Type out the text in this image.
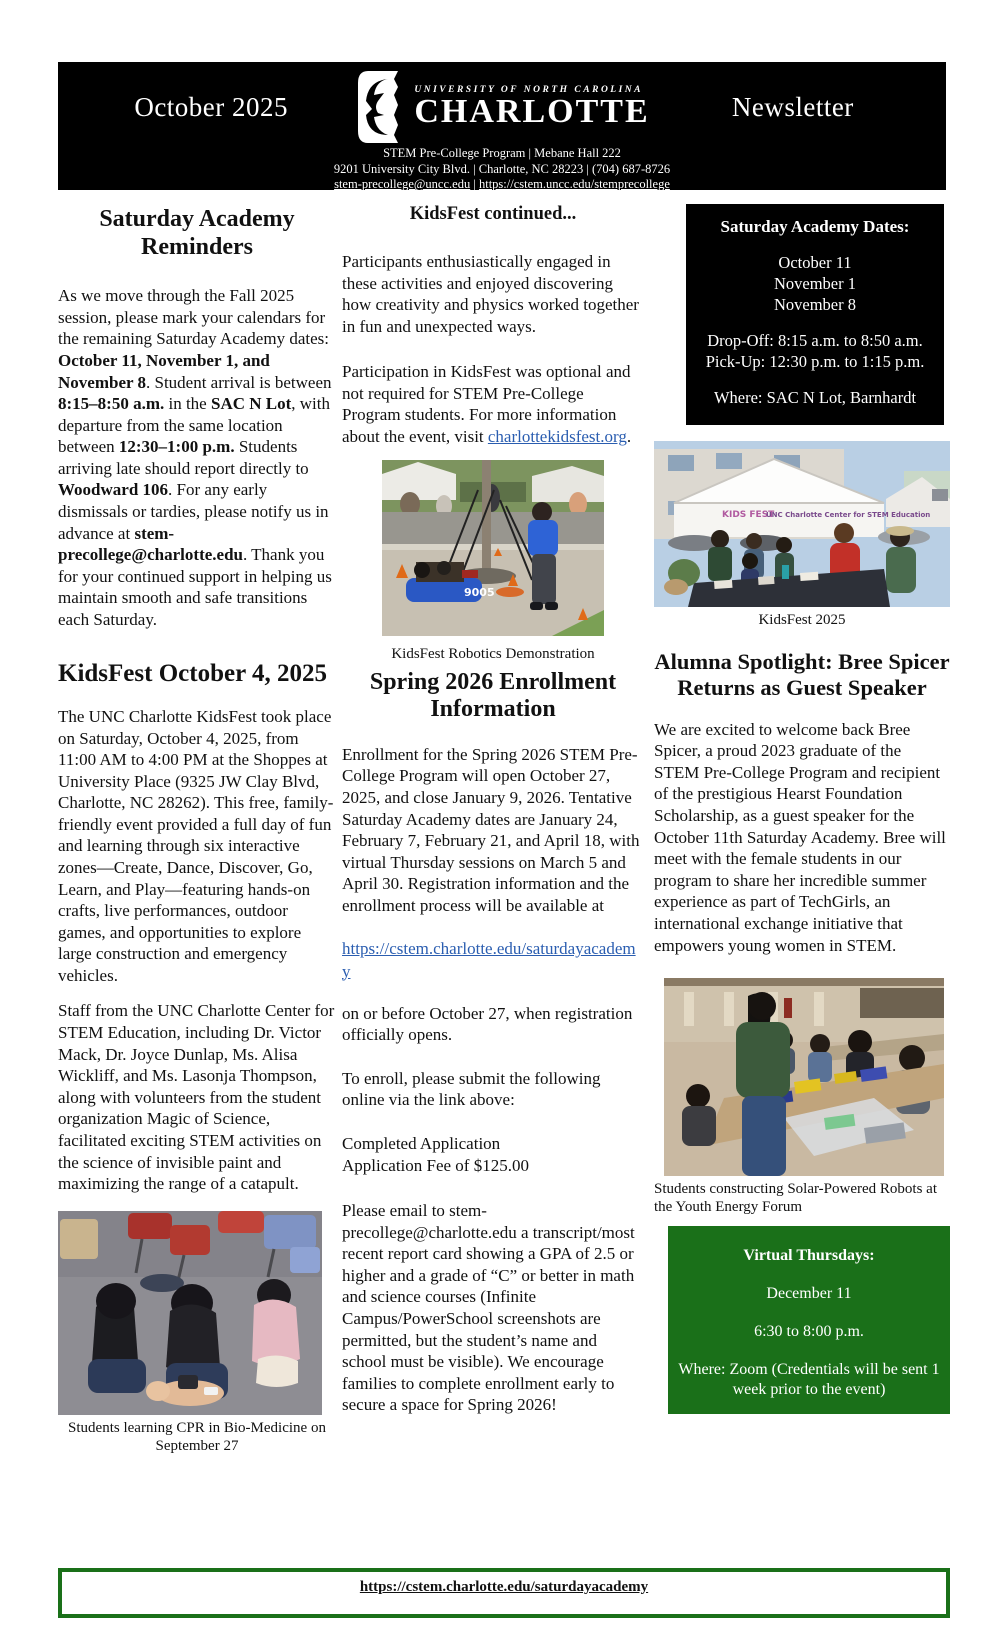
October 2025
UNIVERSITY OF NORTH CAROLINA
CHARLOTTE	Newsletter
STEM Pre-College Program | Mebane Hall 222
9201 University City Blvd. | Charlotte, NC 28223 | (704) 687-8726
stem-precollege@uncc.edu | https://cstem.uncc.edu/stemprecollege
Saturday Academy Reminders

As we move through the Fall 2025 session, please mark your calendars for the remaining Saturday Academy dates: October 11, November 1, and November 8. Student arrival is between 8:15–8:50 a.m. in the SAC N Lot, with departure from the same location between 12:30–1:00 p.m. Students arriving late should report directly to Woodward 106. For any early dismissals or tardies, please notify us in advance at stem-precollege@charlotte.edu. Thank you for your continued support in helping us maintain smooth and safe transitions each Saturday.

KidsFest October 4, 2025

The UNC Charlotte KidsFest took place on Saturday, October 4, 2025, from 11:00 AM to 4:00 PM at the Shoppes at University Place (9325 JW Clay Blvd, Charlotte, NC 28262). This free, family-friendly event provided a full day of fun and learning through six interactive zones—Create, Dance, Discover, Go, Learn, and Play—featuring hands-on crafts, live performances, outdoor games, and opportunities to explore large construction and emergency vehicles.

Staff from the UNC Charlotte Center for STEM Education, including Dr. Victor Mack, Dr. Joyce Dunlap, Ms. Alisa Wickliff, and Ms. Lasonja Thompson, along with volunteers from the student organization Magic of Science, facilitated exciting STEM activities on the science of invisible paint and maximizing the range of a catapult.

Students learning CPR in Bio-Medicine on September 27
KidsFest continued...

Participants enthusiastically engaged in these activities and enjoyed discovering how creativity and physics worked together in fun and unexpected ways.

Participation in KidsFest was optional and not required for STEM Pre-College Program students. For more information about the event, visit charlottekidsfest.org.

9005
KidsFest Robotics Demonstration
Spring 2026 Enrollment Information

Enrollment for the Spring 2026 STEM Pre-College Program will open October 27, 2025, and close January 9, 2026. Tentative Saturday Academy dates are January 24, February 7, February 21, and April 18, with virtual Thursday sessions on March 5 and April 30. Registration information and the enrollment process will be available at

https://cstem.charlotte.edu/saturdayacademy

on or before October 27, when registration officially opens.

To enroll, please submit the following online via the link above:

Completed Application

Application Fee of $125.00

Please email to stem-precollege@charlotte.edu a transcript/most recent report card showing a GPA of 2.5 or higher and a grade of “C” or better in math and science courses (Infinite Campus/PowerSchool screenshots are permitted, but the student’s name and school must be visible). We encourage families to complete enrollment early to secure a space for Spring 2026!

Saturday Academy Dates:
October 11
November 1
November 8
Drop-Off: 8:15 a.m. to 8:50 a.m.
Pick-Up: 12:30 p.m. to 1:15 p.m.
Where: SAC N Lot, Barnhardt
KIDS FEST
UNC Charlotte Center for STEM Education
KidsFest 2025
Alumna Spotlight: Bree Spicer Returns as Guest Speaker

We are excited to welcome back Bree Spicer, a proud 2023 graduate of the STEM Pre-College Program and recipient of the prestigious Hearst Foundation Scholarship, as a guest speaker for the October 11th Saturday Academy. Bree will meet with the female students in our program to share her incredible summer experience as part of TechGirls, an international exchange initiative that empowers young women in STEM.

Students constructing Solar-Powered Robots at the Youth Energy Forum
Virtual Thursdays:
December 11
6:30 to 8:00 p.m.
Where: Zoom (Credentials will be sent 1 week prior to the event)
https://cstem.charlotte.edu/saturdayacademy
